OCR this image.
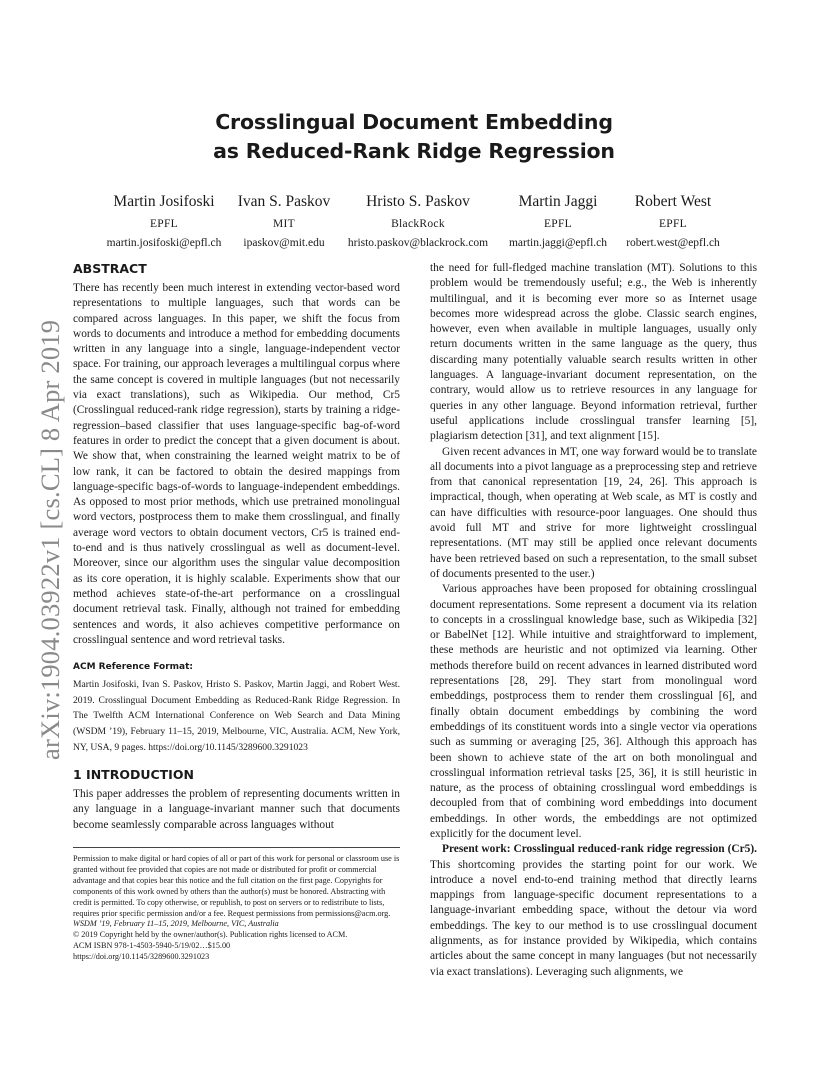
Crosslingual Document Embedding
as Reduced-Rank Ridge Regression
Martin Josifoski
EPFL
martin.josifoski@epfl.ch
Ivan S. Paskov
MIT
ipaskov@mit.edu
Hristo S. Paskov
BlackRock
hristo.paskov@blackrock.com
Martin Jaggi
EPFL
martin.jaggi@epfl.ch
Robert West
EPFL
robert.west@epfl.ch
arXiv:1904.03922v1 [cs.CL] 8 Apr 2019
ABSTRACT

There has recently been much interest in extending vector-based word representations to multiple languages, such that words can be compared across languages. In this paper, we shift the focus from words to documents and introduce a method for embedding documents written in any language into a single, language-independent vector space. For training, our approach leverages a multilingual corpus where the same concept is covered in multiple languages (but not necessarily via exact translations), such as Wikipedia. Our method, Cr5 (Crosslingual reduced-rank ridge regression), starts by training a ridge-regression–based classifier that uses language-specific bag-of-word features in order to predict the concept that a given document is about. We show that, when constraining the learned weight matrix to be of low rank, it can be factored to obtain the desired mappings from language-specific bags-of-words to language-independent embeddings. As opposed to most prior methods, which use pretrained monolingual word vectors, postprocess them to make them crosslingual, and finally average word vectors to obtain document vectors, Cr5 is trained end-to-end and is thus natively crosslingual as well as document-level. Moreover, since our algorithm uses the singular value decomposition as its core operation, it is highly scalable. Experiments show that our method achieves state-of-the-art performance on a crosslingual document retrieval task. Finally, although not trained for embedding sentences and words, it also achieves competitive performance on crosslingual sentence and word retrieval tasks.

ACM Reference Format:

Martin Josifoski, Ivan S. Paskov, Hristo S. Paskov, Martin Jaggi, and Robert West. 2019. Crosslingual Document Embedding as Reduced-Rank Ridge Regression. In The Twelfth ACM International Conference on Web Search and Data Mining (WSDM ’19), February 11–15, 2019, Melbourne, VIC, Australia. ACM, New York, NY, USA, 9 pages. https://doi.org/10.1145/3289600.3291023

1 INTRODUCTION

This paper addresses the problem of representing documents written in any language in a language-invariant manner such that documents become seamlessly comparable across languages without

Permission to make digital or hard copies of all or part of this work for personal or classroom use is granted without fee provided that copies are not made or distributed for profit or commercial advantage and that copies bear this notice and the full citation on the first page. Copyrights for components of this work owned by others than the author(s) must be honored. Abstracting with credit is permitted. To copy otherwise, or republish, to post on servers or to redistribute to lists, requires prior specific permission and/or a fee. Request permissions from permissions@acm.org.

WSDM ’19, February 11–15, 2019, Melbourne, VIC, Australia

© 2019 Copyright held by the owner/author(s). Publication rights licensed to ACM.

ACM ISBN 978-1-4503-5940-5/19/02…$15.00

https://doi.org/10.1145/3289600.3291023

the need for full-fledged machine translation (MT). Solutions to this problem would be tremendously useful; e.g., the Web is inherently multilingual, and it is becoming ever more so as Internet usage becomes more widespread across the globe. Classic search engines, however, even when available in multiple languages, usually only return documents written in the same language as the query, thus discarding many potentially valuable search results written in other languages. A language-invariant document representation, on the contrary, would allow us to retrieve resources in any language for queries in any other language. Beyond information retrieval, further useful applications include crosslingual transfer learning [5], plagiarism detection [31], and text alignment [15].

Given recent advances in MT, one way forward would be to translate all documents into a pivot language as a preprocessing step and retrieve from that canonical representation [19, 24, 26]. This approach is impractical, though, when operating at Web scale, as MT is costly and can have difficulties with resource-poor languages. One should thus avoid full MT and strive for more lightweight crosslingual representations. (MT may still be applied once relevant documents have been retrieved based on such a representation, to the small subset of documents presented to the user.)

Various approaches have been proposed for obtaining crosslingual document representations. Some represent a document via its relation to concepts in a crosslingual knowledge base, such as Wikipedia [32] or BabelNet [12]. While intuitive and straightforward to implement, these methods are heuristic and not optimized via learning. Other methods therefore build on recent advances in learned distributed word representations [28, 29]. They start from monolingual word embeddings, postprocess them to render them crosslingual [6], and finally obtain document embeddings by combining the word embeddings of its constituent words into a single vector via operations such as summing or averaging [25, 36]. Although this approach has been shown to achieve state of the art on both monolingual and crosslingual information retrieval tasks [25, 36], it is still heuristic in nature, as the process of obtaining crosslingual word embeddings is decoupled from that of combining word embeddings into document embeddings. In other words, the embeddings are not optimized explicitly for the document level.

Present work: Crosslingual reduced-rank ridge regression (Cr5). This shortcoming provides the starting point for our work. We introduce a novel end-to-end training method that directly learns mappings from language-specific document representations to a language-invariant embedding space, without the detour via word embeddings. The key to our method is to use crosslingual document alignments, as for instance provided by Wikipedia, which contains articles about the same concept in many languages (but not necessarily via exact translations). Leveraging such alignments, we
